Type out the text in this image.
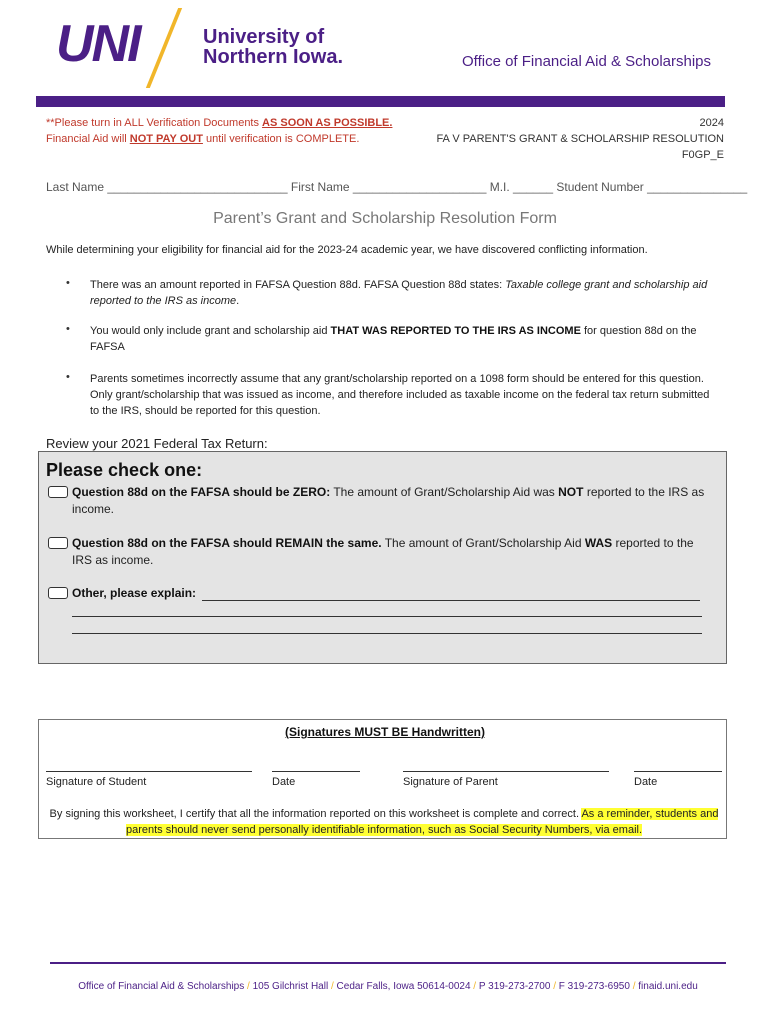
UNI	University of
Northern Iowa.	Office of Financial Aid & Scholarships
**Please turn in ALL Verification Documents AS SOON AS POSSIBLE.
Financial Aid will NOT PAY OUT until verification is COMPLETE.
2024
FA V PARENT'S GRANT & SCHOLARSHIP RESOLUTION
F0GP_E
Last Name ___________________________ First Name ____________________ M.I. ______ Student Number _______________
Parent’s Grant and Scholarship Resolution Form
While determining your eligibility for financial aid for the 2023-24 academic year, we have discovered conflicting information.
• There was an amount reported in FAFSA Question 88d. FAFSA Question 88d states: Taxable college grant and scholarship aid reported to the IRS as income.
• You would only include grant and scholarship aid THAT WAS REPORTED TO THE IRS AS INCOME for question 88d on the FAFSA
• Parents sometimes incorrectly assume that any grant/scholarship reported on a 1098 form should be entered for this question. Only grant/scholarship that was issued as income, and therefore included as taxable income on the federal tax return submitted to the IRS, should be reported for this question.
Review your 2021 Federal Tax Return:
Please check one:
Question 88d on the FAFSA should be ZERO: The amount of Grant/Scholarship Aid was NOT reported to the IRS as income.
Question 88d on the FAFSA should REMAIN the same. The amount of Grant/Scholarship Aid WAS reported to the IRS as income.
Other, please explain:
(Signatures MUST BE Handwritten)
Signature of Student	Date	Signature of Parent	Date
By signing this worksheet, I certify that all the information reported on this worksheet is complete and correct. As a reminder, students and parents should never send personally identifiable information, such as Social Security Numbers, via email.
Office of Financial Aid & Scholarships / 105 Gilchrist Hall / Cedar Falls, Iowa 50614-0024 / P 319-273-2700 / F 319-273-6950 / finaid.uni.edu
